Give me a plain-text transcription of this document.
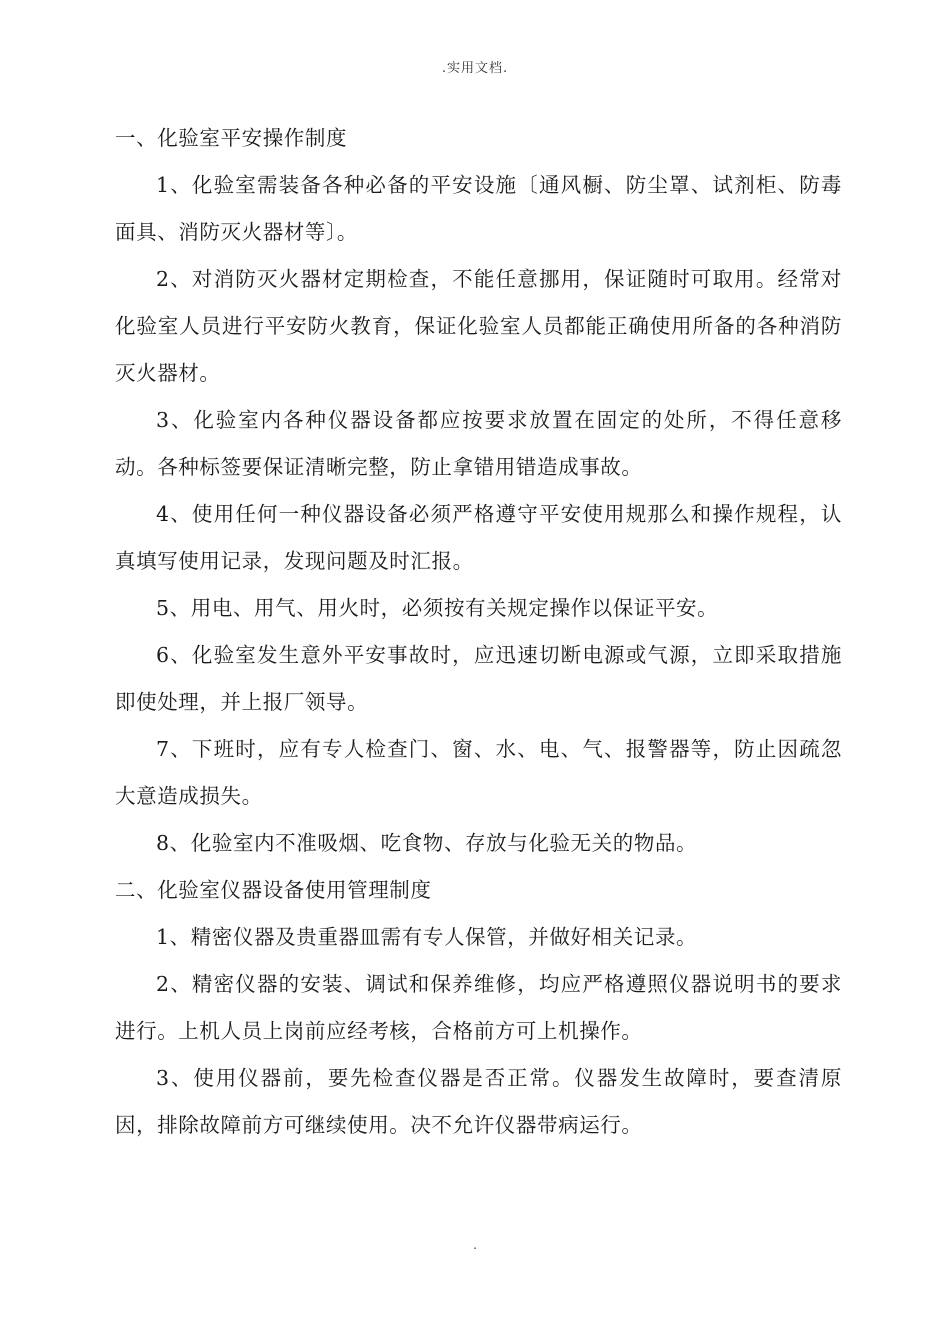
.实用文档.

一、化验室平安操作制度

1、化验室需装备各种必备的平安设施〔通风橱、防尘罩、试剂柜、防毒面具、消防灭火器材等〕。

2、对消防灭火器材定期检查，不能任意挪用，保证随时可取用。经常对化验室人员进行平安防火教育，保证化验室人员都能正确使用所备的各种消防灭火器材。

3、化验室内各种仪器设备都应按要求放置在固定的处所，不得任意移动。各种标签要保证清晰完整，防止拿错用错造成事故。

4、使用任何一种仪器设备必须严格遵守平安使用规那么和操作规程，认真填写使用记录，发现问题及时汇报。

5、用电、用气、用火时，必须按有关规定操作以保证平安。

6、化验室发生意外平安事故时，应迅速切断电源或气源，立即采取措施即使处理，并上报厂领导。

7、下班时，应有专人检查门、窗、水、电、气、报警器等，防止因疏忽大意造成损失。

8、化验室内不准吸烟、吃食物、存放与化验无关的物品。

二、化验室仪器设备使用管理制度

1、精密仪器及贵重器皿需有专人保管，并做好相关记录。

2、精密仪器的安装、调试和保养维修，均应严格遵照仪器说明书的要求进行。上机人员上岗前应经考核，合格前方可上机操作。

3、使用仪器前，要先检查仪器是否正常。仪器发生故障时，要查清原因，排除故障前方可继续使用。决不允许仪器带病运行。

.
